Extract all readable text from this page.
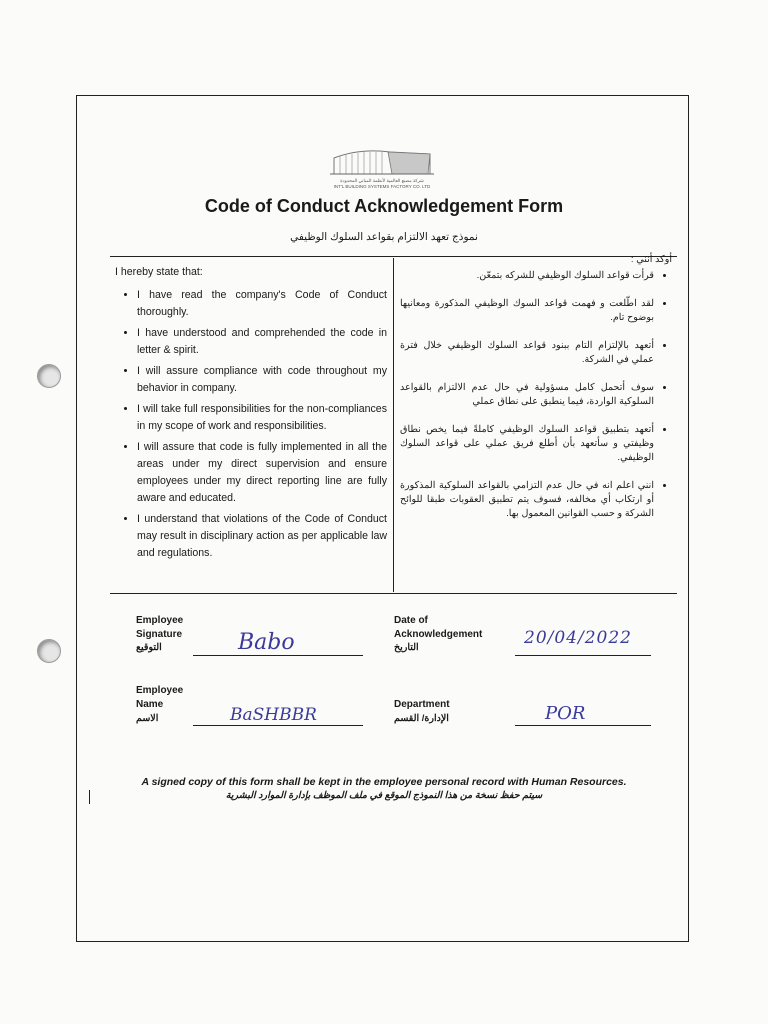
شركة مصنع العالمية لأنظمة المباني المحدودة
INT'L BUILDING SYSTEMS FACTORY CO. LTD
Code of Conduct Acknowledgement Form
نموذج تعهد الالتزام بقواعد السلوك الوظيفي
I hereby state that:
• I have read the company's Code of Conduct thoroughly.
• I have understood and comprehended the code in letter & spirit.
• I will assure compliance with code throughout my behavior in company.
• I will take full responsibilities for the non-compliances in my scope of work and responsibilities.
• I will assure that code is fully implemented in all the areas under my direct supervision and ensure employees under my direct reporting line are fully aware and educated.
• I understand that violations of the Code of Conduct may result in disciplinary action as per applicable law and regulations.
أوكد أنني :
• قرأت قواعد السلوك الوظيفي للشركه بتمعّن.
• لقد اطّلعت و فهمت قواعد السوك الوظيفي المذكورة ومعانيها بوضوح تام.
• أتعهد بالإلتزام التام ببنود قواعد السلوك الوظيفي خلال فترة عملي في الشركة.
• سوف أتحمل كامل مسؤولية في حال عدم الالتزام بالقواعد السلوكية الواردة، فيما ينطبق على نطاق عملي
• أتعهد بتطبيق قواعد السلوك الوظيفي كاملةً فيما يخص نطاق وظيفتي و سأتعهد بأن أطلع فريق عملي على قواعد السلوك الوظيفي.
• انني اعلم انه في حال عدم التزامي بالقواعد السلوكية المذكورة أو ارتكاب أي مخالفه، فسوف يتم تطبيق العقوبات طبقا للوائح الشركة و حسب القوانين المعمول بها.
Employee
Signature
التوقيع	Babo
Date of
Acknowledgement
التاريخ	20/04/2022
Employee
Name
الاسم	BaSHBBR
Department
الإدارة/ القسم	POR
A signed copy of this form shall be kept in the employee personal record with Human Resources.
سيتم حفظ نسخة من هذا النموذج الموقع في ملف الموظف بإدارة الموارد البشرية
